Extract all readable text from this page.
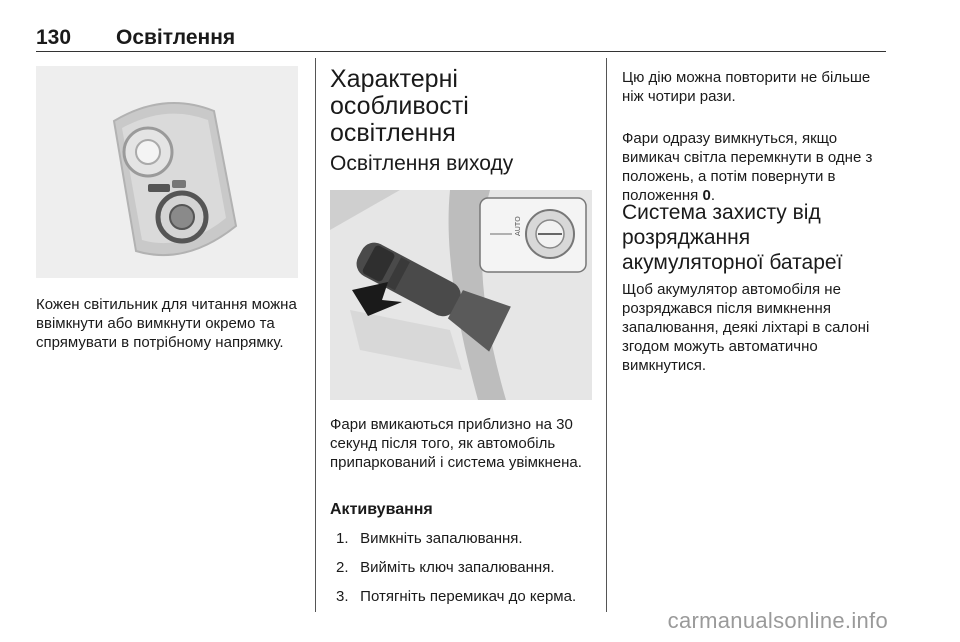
130 Освітлення

Кожен світильник для читання можна ввімкнути або вимкнути окремо та спрямувати в потрібному напрямку.

Характерні особливості освітлення
Освітлення виходу
AUTO

Фари вмикаються приблизно на 30 секунд після того, як автомобіль припаркований і система увімкнена.

Активування
1. Вимкніть запалювання.
2. Вийміть ключ запалювання.
3. Потягніть перемикач до керма.

Цю дію можна повторити не більше ніж чотири рази.

Фари одразу вимкнуться, якщо вимикач світла перемкнути в одне з положень, а потім повернути в положення 0.

Система захисту від розряджання акумуляторної батареї

Щоб акумулятор автомобіля не розряджався після вимкнення запалювання, деякі ліхтарі в салоні згодом можуть автоматично вимкнутися.

carmanualsonline.info
